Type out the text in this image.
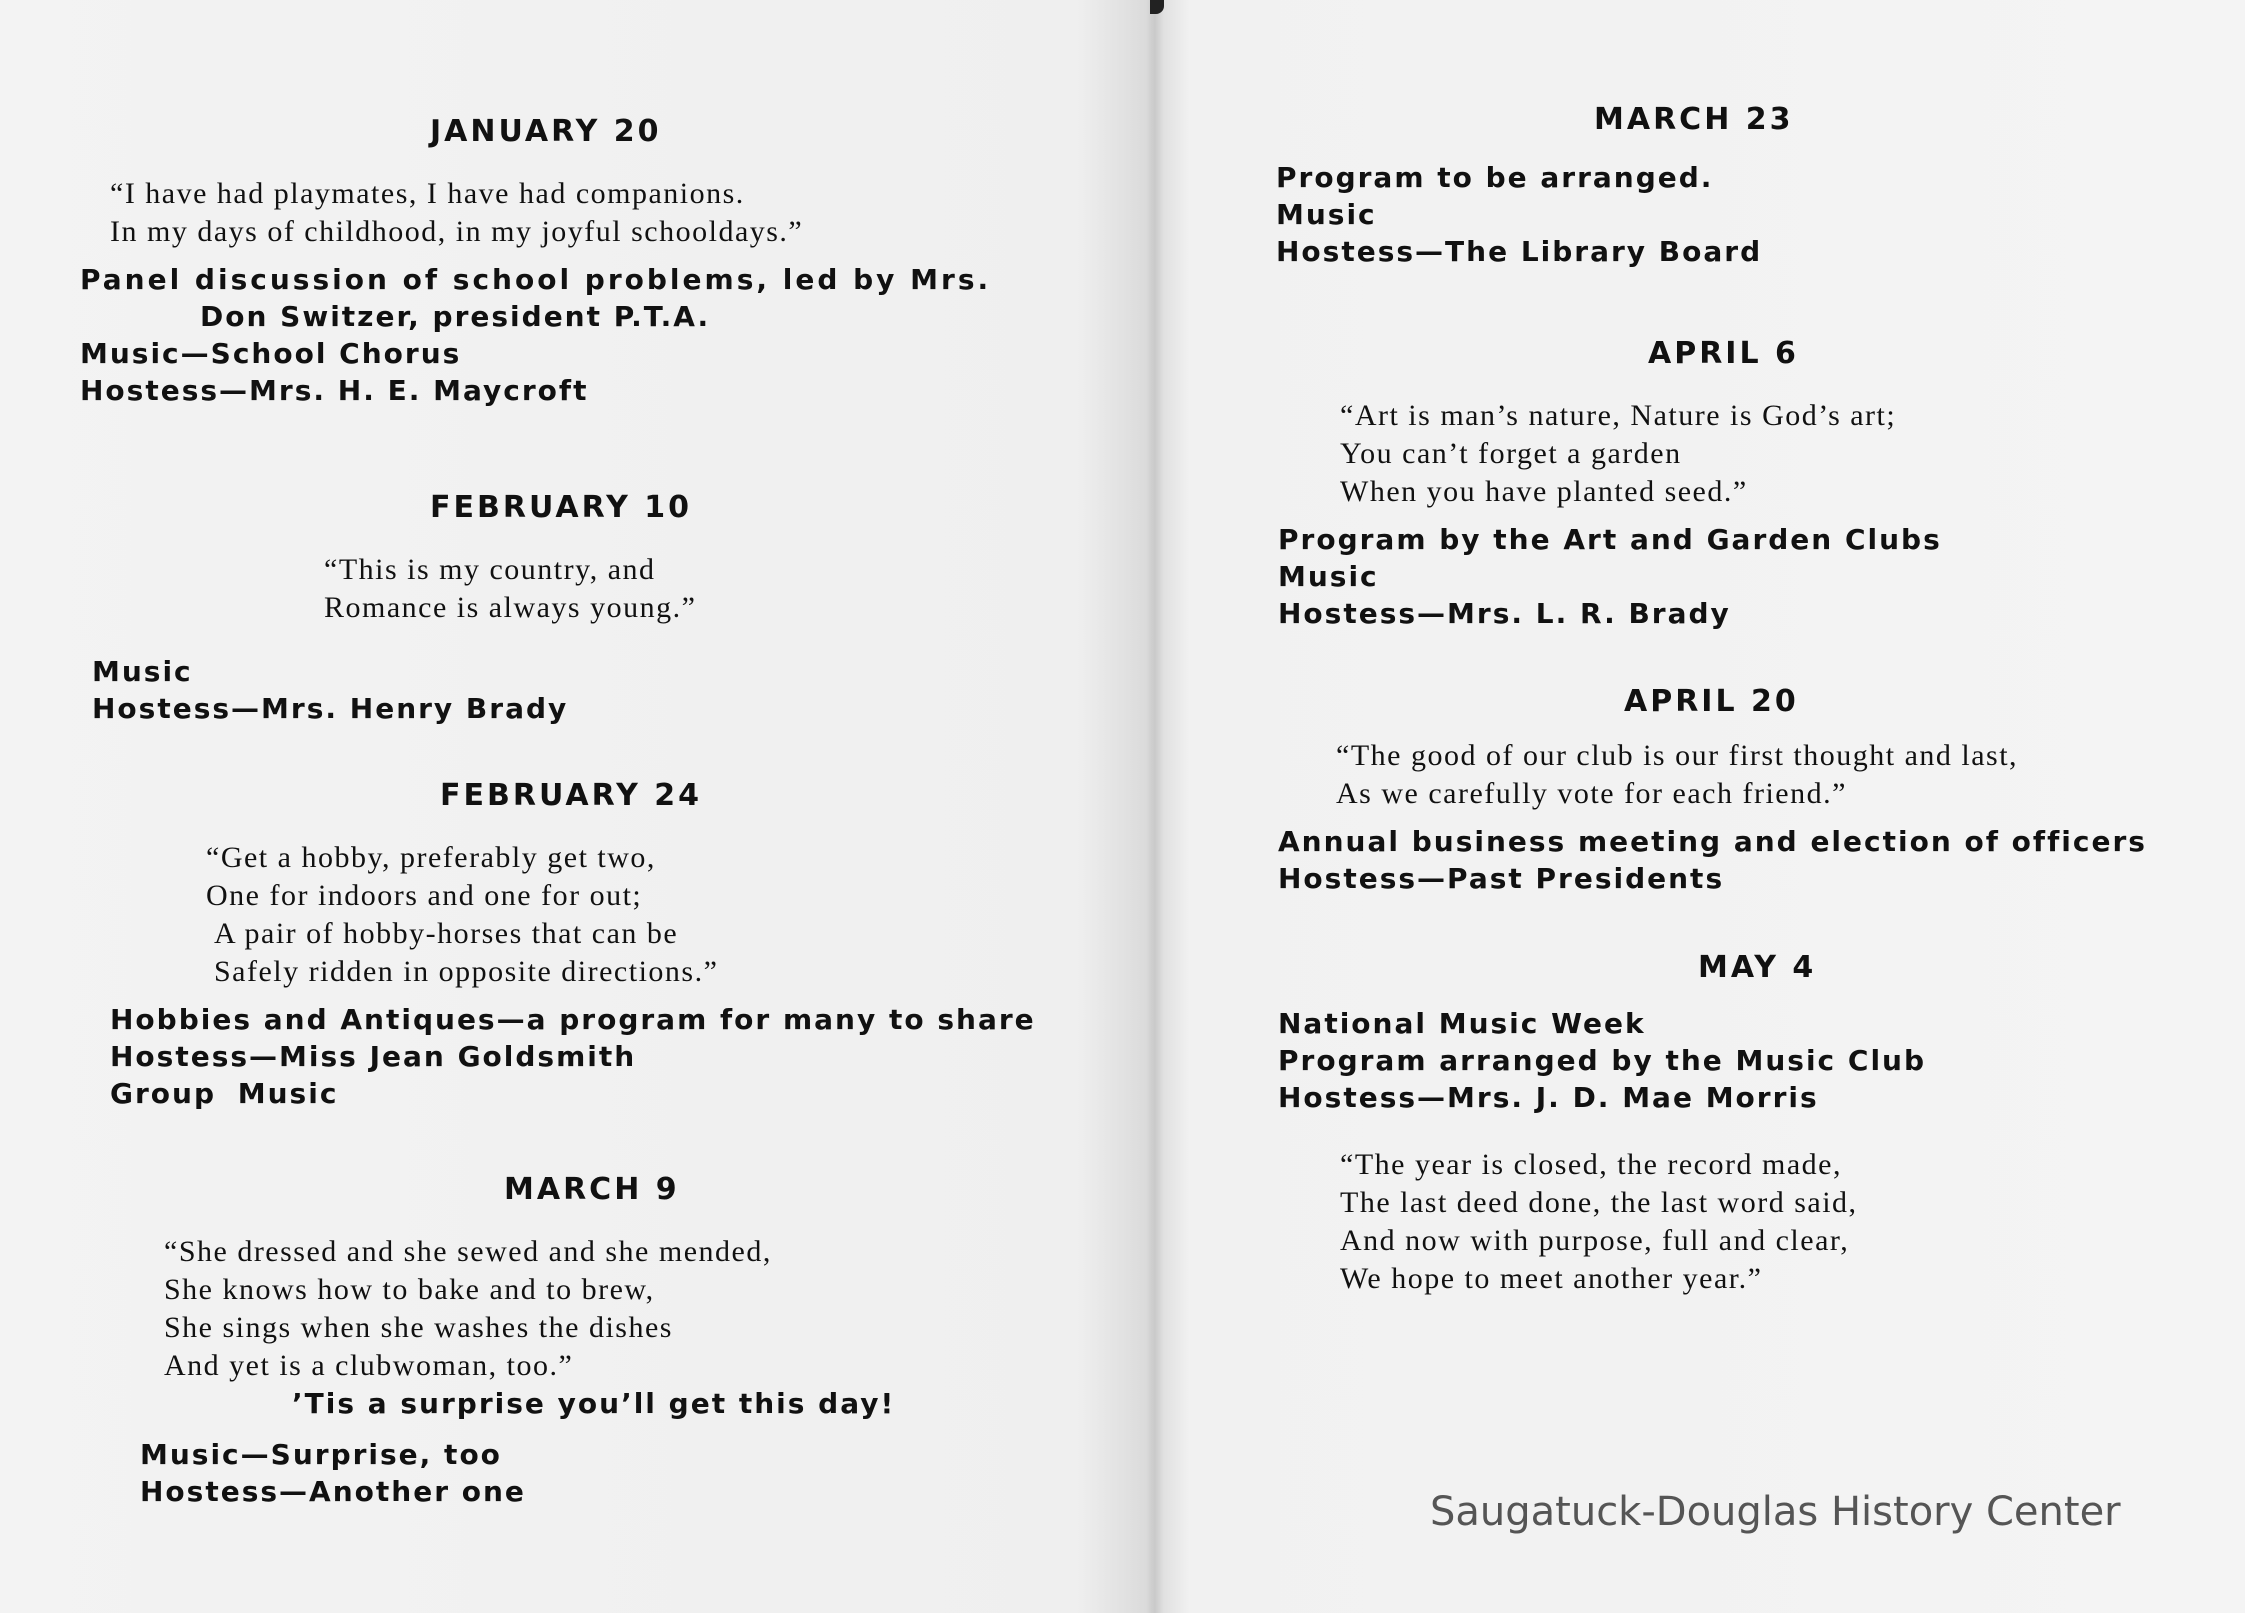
JANUARY 20
“I have had playmates, I have had companions.
In my days of childhood, in my joyful schooldays.”
Panel discussion of school problems, led by Mrs.
Don Switzer, president P.T.A.
Music—School Chorus
Hostess—Mrs. H. E. Maycroft
FEBRUARY 10
“This is my country, and
Romance is always young.”
Music
Hostess—Mrs. Henry Brady
FEBRUARY 24
“Get a hobby, preferably get two,
One for indoors and one for out;
A pair of hobby-horses that can be
Safely ridden in opposite directions.”
Hobbies and Antiques—a program for many to share
Hostess—Miss Jean Goldsmith
Group Music
MARCH 9
“She dressed and she sewed and she mended,
She knows how to bake and to brew,
She sings when she washes the dishes
And yet is a clubwoman, too.”
’Tis a surprise you’ll get this day!
Music—Surprise, too
Hostess—Another one
MARCH 23
Program to be arranged.
Music
Hostess—The Library Board
APRIL 6
“Art is man’s nature, Nature is God’s art;
You can’t forget a garden
When you have planted seed.”
Program by the Art and Garden Clubs
Music
Hostess—Mrs. L. R. Brady
APRIL 20
“The good of our club is our first thought and last,
As we carefully vote for each friend.”
Annual business meeting and election of officers
Hostess—Past Presidents
MAY 4
National Music Week
Program arranged by the Music Club
Hostess—Mrs. J. D. Mae Morris
“The year is closed, the record made,
The last deed done, the last word said,
And now with purpose, full and clear,
We hope to meet another year.”
Saugatuck-Douglas History Center
